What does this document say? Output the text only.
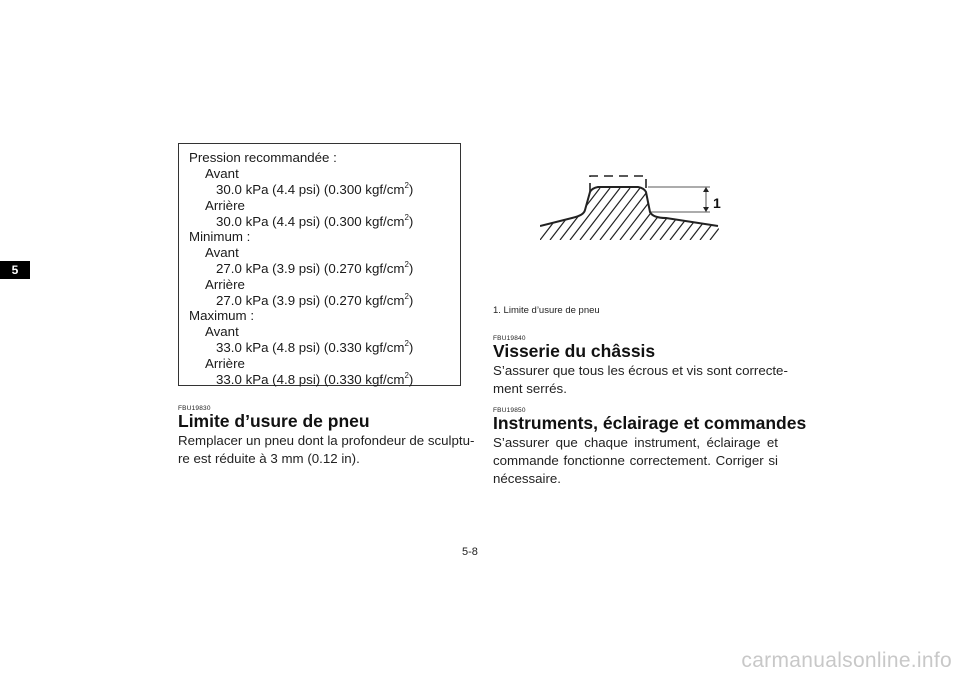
5
Pression recommandée :
Avant
30.0 kPa (4.4 psi) (0.300 kgf/$cm^2$)
Arrière
30.0 kPa (4.4 psi) (0.300 kgf/$cm^2$)
Minimum :
Avant
27.0 kPa (3.9 psi) (0.270 kgf/$cm^2$)
Arrière
27.0 kPa (3.9 psi) (0.270 kgf/$cm^2$)
Maximum :
Avant
33.0 kPa (4.8 psi) (0.330 kgf/$cm^2$)
Arrière
33.0 kPa (4.8 psi) (0.330 kgf/$cm^2$)
FBU19830
Limite d’usure de pneu
Remplacer un pneu dont la profondeur de sculptu-
re est réduite à 3 mm (0.12 in).
1
1. Limite d’usure de pneu
FBU19840
Visserie du châssis
S’assurer que tous les écrous et vis sont correcte-
ment serrés.
FBU19850
Instruments, éclairage et commandes
S’assurer que chaque instrument, éclairage et
commande fonctionne correctement. Corriger si
nécessaire.
5-8
carmanualsonline.info
